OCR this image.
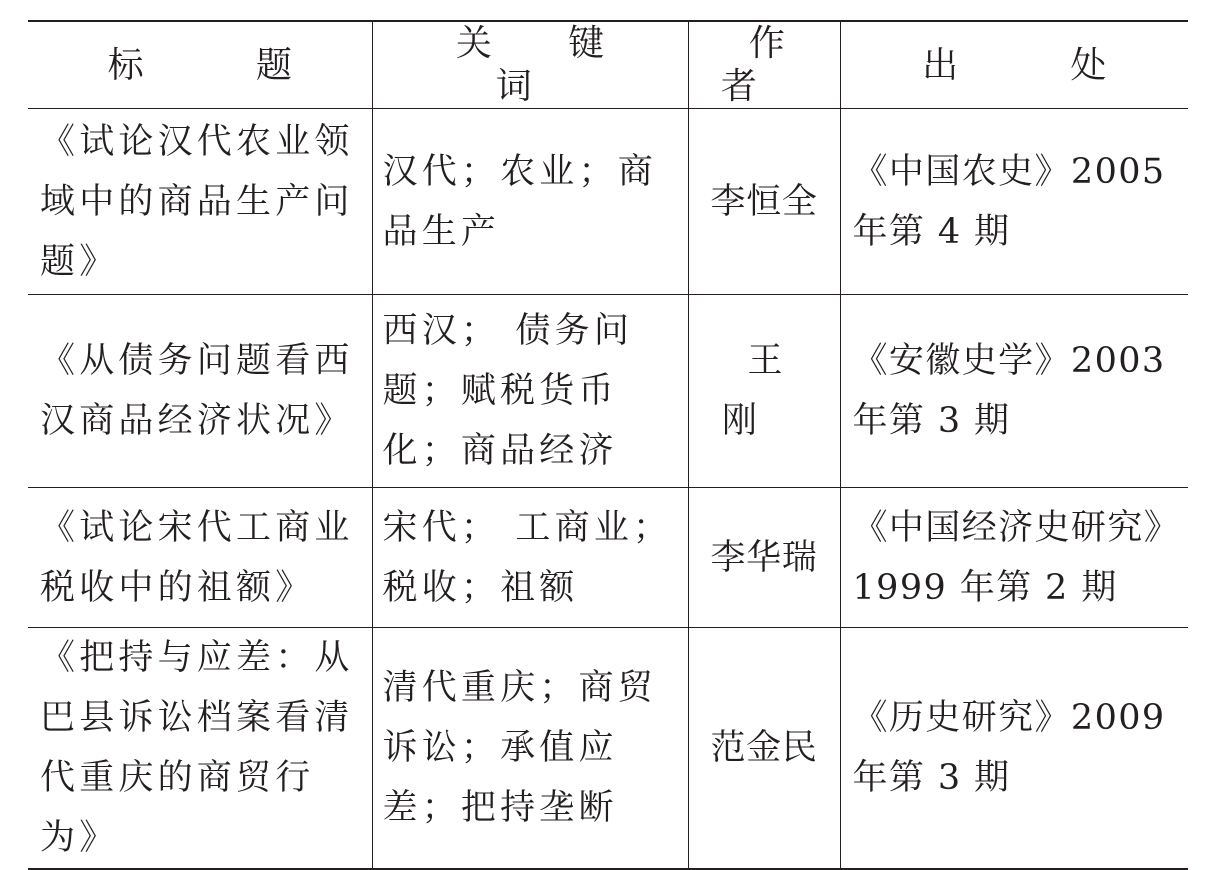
标 题	关 键 词	作 者	出 处
《试论汉代农业领域中的商品生产问题》	汉代；农业；商品生产	李恒全	《中国农史》2005 年第 4 期
《从债务问题看西汉商品经济状况》	西汉； 债务问题；赋税货币化；商品经济	王 刚	《安徽史学》2003 年第 3 期
《试论宋代工商业税收中的祖额》	宋代； 工商业；税收；祖额	李华瑞	《中国经济史研究》1999 年第 2 期
《把持与应差：从巴县诉讼档案看清代重庆的商贸行为》	清代重庆；商贸诉讼；承值应差；把持垄断	范金民	《历史研究》2009 年第 3 期
